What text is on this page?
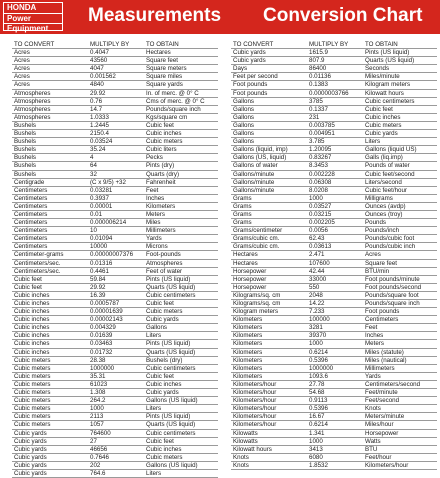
HONDA
Power
Equipment
Measurements Conversion Chart
TO CONVERT	MULTIPLY BY	TO OBTAIN
Acres	0.4047	Hectares
Acres	43560	Square feet
Acres	4047	Square meters
Acres	0.001562	Square miles
Acres	4840	Square yards
Atmospheres	29.92	In. of merc. @ 0° C
Atmospheres	0.76	Cms of merc. @ 0° C
Atmospheres	14.7	Pounds/square inch
Atmospheres	1.0333	Kgs/square cm
Bushels	1.2445	Cubic feet
Bushels	2150.4	Cubic inches
Bushels	0.03524	Cubic meters
Bushels	35.24	Cubic liters
Bushels	4	Pecks
Bushels	64	Pints (dry)
Bushels	32	Quarts (dry)
Centigrade	(C x 9/5) +32	Fahrenheit
Centimeters	0.03281	Feet
Centimeters	0.3937	Inches
Centimeters	0.00001	Kilometers
Centimeters	0.01	Meters
Centimeters	0.000006214	Miles
Centimeters	10	Millimeters
Centimeters	0.01094	Yards
Centimeters	10000	Microns
Centimeter-grams	0.00000007376	Foot-pounds
Centimeters/sec.	0.01316	Atmospheres
Centimeters/sec.	0.4461	Feet of water
Cubic feet	59.84	Pints (US liquid)
Cubic feet	29.92	Quarts (US liquid)
Cubic inches	16.39	Cubic centimeters
Cubic inches	0.0005787	Cubic feet
Cubic inches	0.00001639	Cubic meters
Cubic inches	0.00002143	Cubic yards
Cubic inches	0.004329	Gallons
Cubic inches	0.01639	Liters
Cubic inches	0.03463	Pints (US liquid)
Cubic inches	0.01732	Quarts (US liquid)
Cubic meters	28.38	Bushels (dry)
Cubic meters	1000000	Cubic centimeters
Cubic meters	35.31	Cubic feet
Cubic meters	61023	Cubic inches
Cubic meters	1.308	Cubic yards
Cubic meters	264.2	Gallons (US liquid)
Cubic meters	1000	Liters
Cubic meters	2113	Pints (US liquid)
Cubic meters	1057	Quarts (US liquid)
Cubic yards	764600	Cubic centimeters
Cubic yards	27	Cubic feet
Cubic yards	46656	Cubic inches
Cubic yards	0.7646	Cubic meters
Cubic yards	202	Gallons (US liquid)
Cubic yards	764.6	Liters
TO CONVERT	MULTIPLY BY	TO OBTAIN
Cubic yards	1615.9	Pints (US liquid)
Cubic yards	807.9	Quarts (US liquid)
Days	86400	Seconds
Feet per second	0.01136	Miles/minute
Foot pounds	0.1383	Kilogram meters
Foot pounds	0.0000003766	Kilowatt hours
Gallons	3785	Cubic centimeters
Gallons	0.1337	Cubic feet
Gallons	231	Cubic inches
Gallons	0.003785	Cubic meters
Gallons	0.004951	Cubic yards
Gallons	3.785	Liters
Gallons (liquid, imp)	1.20095	Gallons (liquid US)
Gallons (US, liquid)	0.83267	Galls (liq.imp)
Gallons of water	8.3453	Pounds of water
Gallons/minute	0.002228	Cubic feet/second
Gallons/minute	0.06308	Liters/second
Gallons/minute	8.0208	Cubic feet/hour
Grams	1000	Milligrams
Grams	0.03527	Ounces (avdp)
Grams	0.03215	Ounces (troy)
Grams	0.002205	Pounds
Grams/centimeter	0.0056	Pounds/inch
Grams/cubic cm.	62.43	Pounds/cubic foot
Grams/cubic cm.	0.03613	Pounds/cubic inch
Hectares	2.471	Acres
Hectares	107600	Square feet
Horsepower	42.44	BTU/min
Horsepower	33000	Foot pounds/minute
Horsepower	550	Foot pounds/second
Kilograms/sq. cm	2048	Pounds/square foot
Kilograms/sq. cm	14.22	Pounds/square inch
Kilogram meters	7.233	Foot pounds
Kilometers	100000	Centimeters
Kilometers	3281	Feet
Kilometers	39370	Inches
Kilometers	1000	Meters
Kilometers	0.6214	Miles (statute)
Kilometers	0.5396	Miles (nautical)
Kilometers	1000000	Millimeters
Kilometers	1093.6	Yards
Kilometers/hour	27.78	Centimeters/second
Kilometers/hour	54.68	Feet/minute
Kilometers/hour	0.9113	Feet/second
Kilometers/hour	0.5396	Knots
Kilometers/hour	16.67	Meters/minute
Kilometers/hour	0.6214	Miles/hour
Kilowatts	1.341	Horsepower
Kilowatts	1000	Watts
Kilowatt hours	3413	BTU
Knots	6080	Feet/hour
Knots	1.8532	Kilometers/hour
